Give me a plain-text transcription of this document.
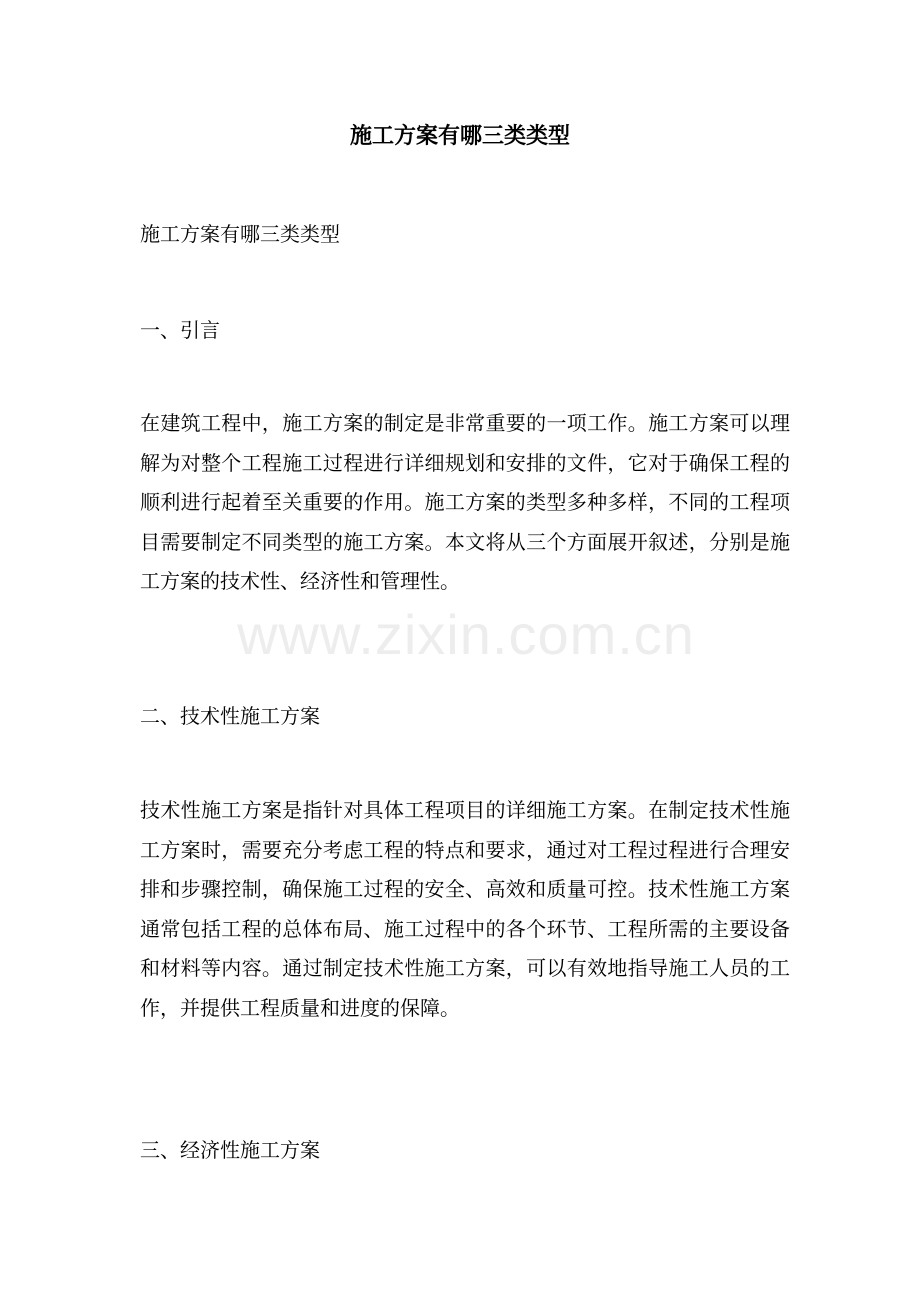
施工方案有哪三类类型

施工方案有哪三类类型

一、引言

在建筑工程中，施工方案的制定是非常重要的一项工作。施工方案可以理解为对整个工程施工过程进行详细规划和安排的文件，它对于确保工程的顺利进行起着至关重要的作用。施工方案的类型多种多样，不同的工程项目需要制定不同类型的施工方案。本文将从三个方面展开叙述，分别是施工方案的技术性、经济性和管理性。

二、技术性施工方案

技术性施工方案是指针对具体工程项目的详细施工方案。在制定技术性施工方案时，需要充分考虑工程的特点和要求，通过对工程过程进行合理安排和步骤控制，确保施工过程的安全、高效和质量可控。技术性施工方案通常包括工程的总体布局、施工过程中的各个环节、工程所需的主要设备和材料等内容。通过制定技术性施工方案，可以有效地指导施工人员的工作，并提供工程质量和进度的保障。

三、经济性施工方案

www.zixin.com.cn
